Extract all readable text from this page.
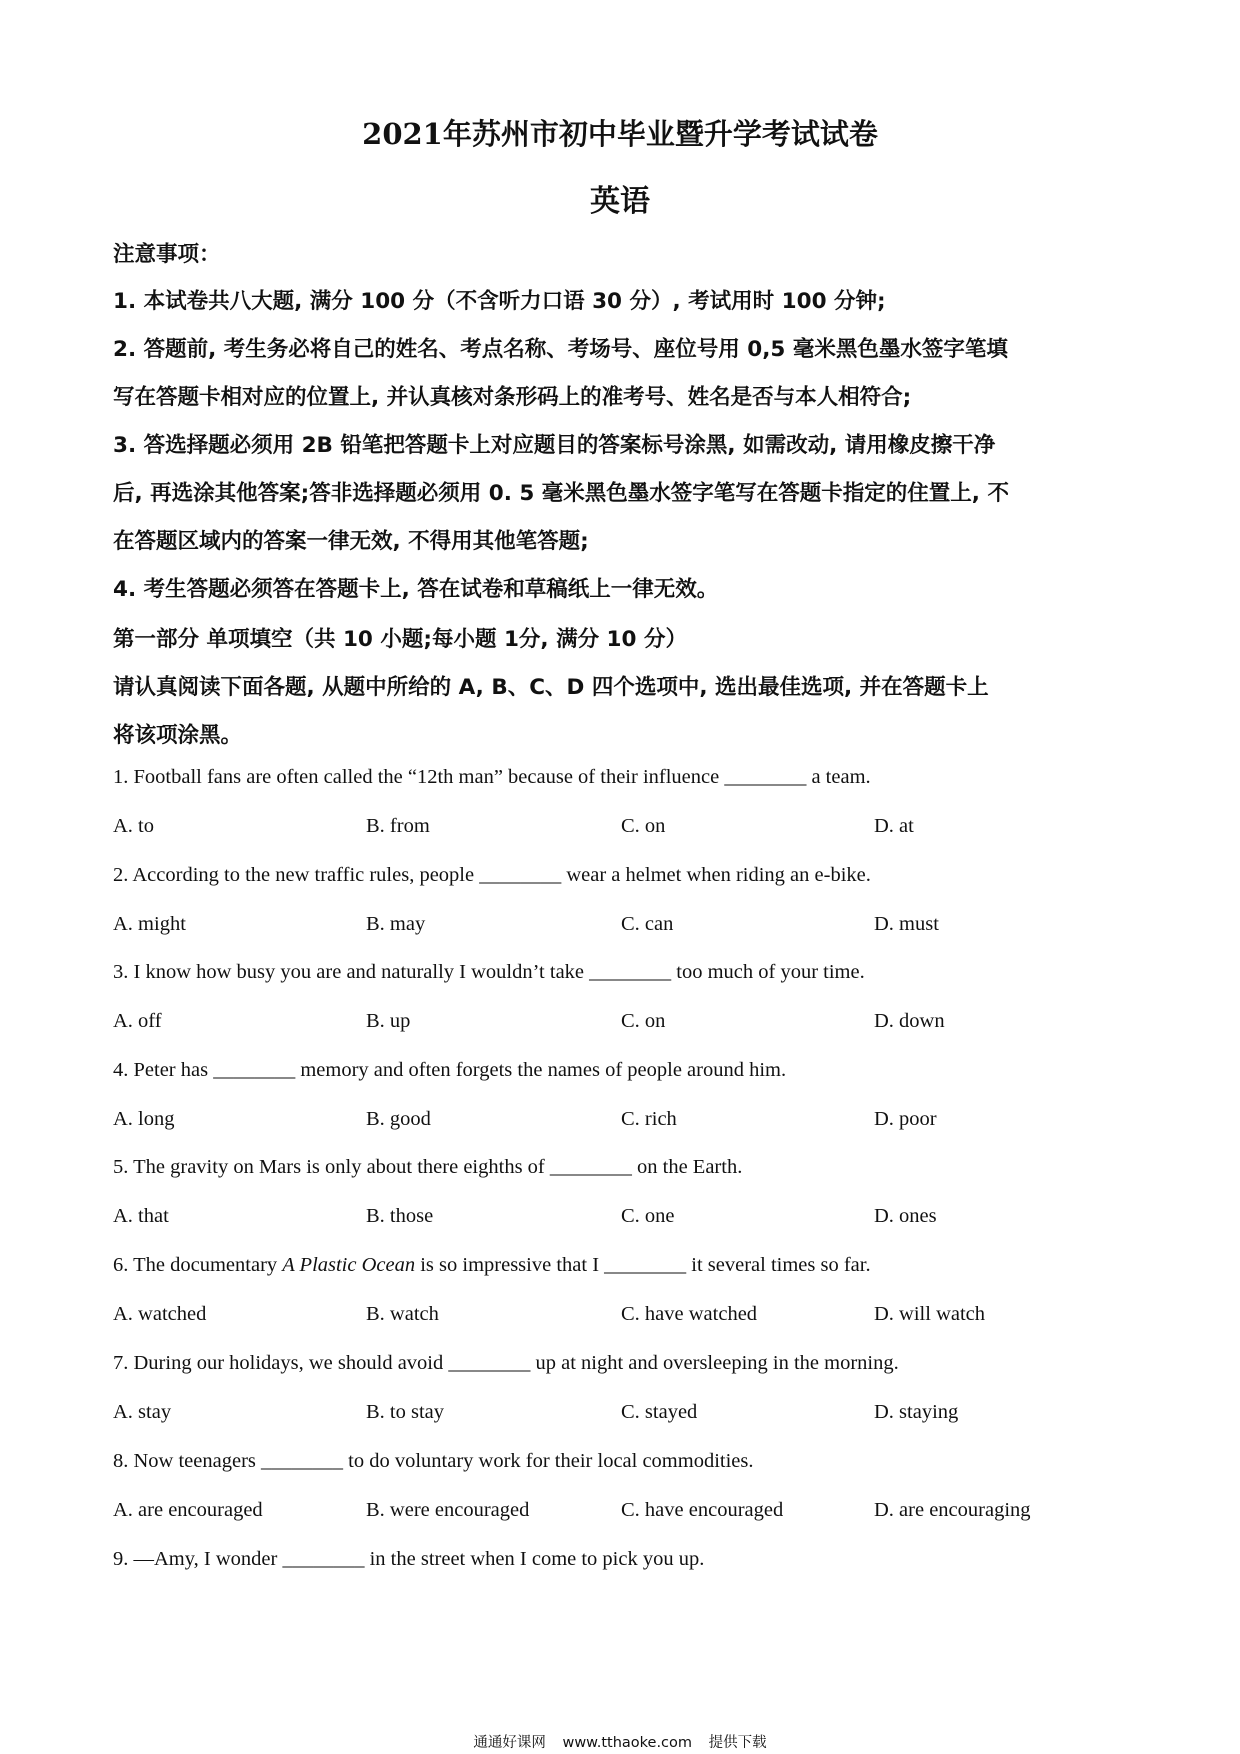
2021年苏州市初中毕业暨升学考试试卷
英语
注意事项：
1. 本试卷共八大题, 满分 100 分（不含听力口语 30 分）, 考试用时 100 分钟;
2. 答题前, 考生务必将自己的姓名、考点名称、考场号、座位号用 0,5 毫米黑色墨水签字笔填
写在答题卡相对应的位置上, 并认真核对条形码上的准考号、姓名是否与本人相符合;
3. 答选择题必须用 2B 铅笔把答题卡上对应题目的答案标号涂黑, 如需改动, 请用橡皮擦干净
后, 再选涂其他答案;答非选择题必须用 0. 5 毫米黑色墨水签字笔写在答题卡指定的住置上, 不
在答题区域内的答案一律无效, 不得用其他笔答题;
4. 考生答题必须答在答题卡上, 答在试卷和草稿纸上一律无效。
第一部分 单项填空（共 10 小题;每小题 1分, 满分 10 分）
请认真阅读下面各题, 从题中所给的 A, B、C、D 四个选项中, 选出最佳选项, 并在答题卡上
将该项涂黑。
1. Football fans are often called the “12th man” because of their influence ________ a team.
A. to	B. from	C. on	D. at
2. According to the new traffic rules, people ________ wear a helmet when riding an e-bike.
A. might	B. may	C. can	D. must
3. I know how busy you are and naturally I wouldn’t take ________ too much of your time.
A. off	B. up	C. on	D. down
4. Peter has ________ memory and often forgets the names of people around him.
A. long	B. good	C. rich	D. poor
5. The gravity on Mars is only about there eighths of ________ on the Earth.
A. that	B. those	C. one	D. ones
6. The documentary A Plastic Ocean is so impressive that I ________ it several times so far.
A. watched	B. watch	C. have watched	D. will watch
7. During our holidays, we should avoid ________ up at night and oversleeping in the morning.
A. stay	B. to stay	C. stayed	D. staying
8. Now teenagers ________ to do voluntary work for their local commodities.
A. are encouraged	B. were encouraged	C. have encouraged	D. are encouraging
9. —Amy, I wonder ________ in the street when I come to pick you up.
通通好课网 www.tthaoke.com 提供下载
